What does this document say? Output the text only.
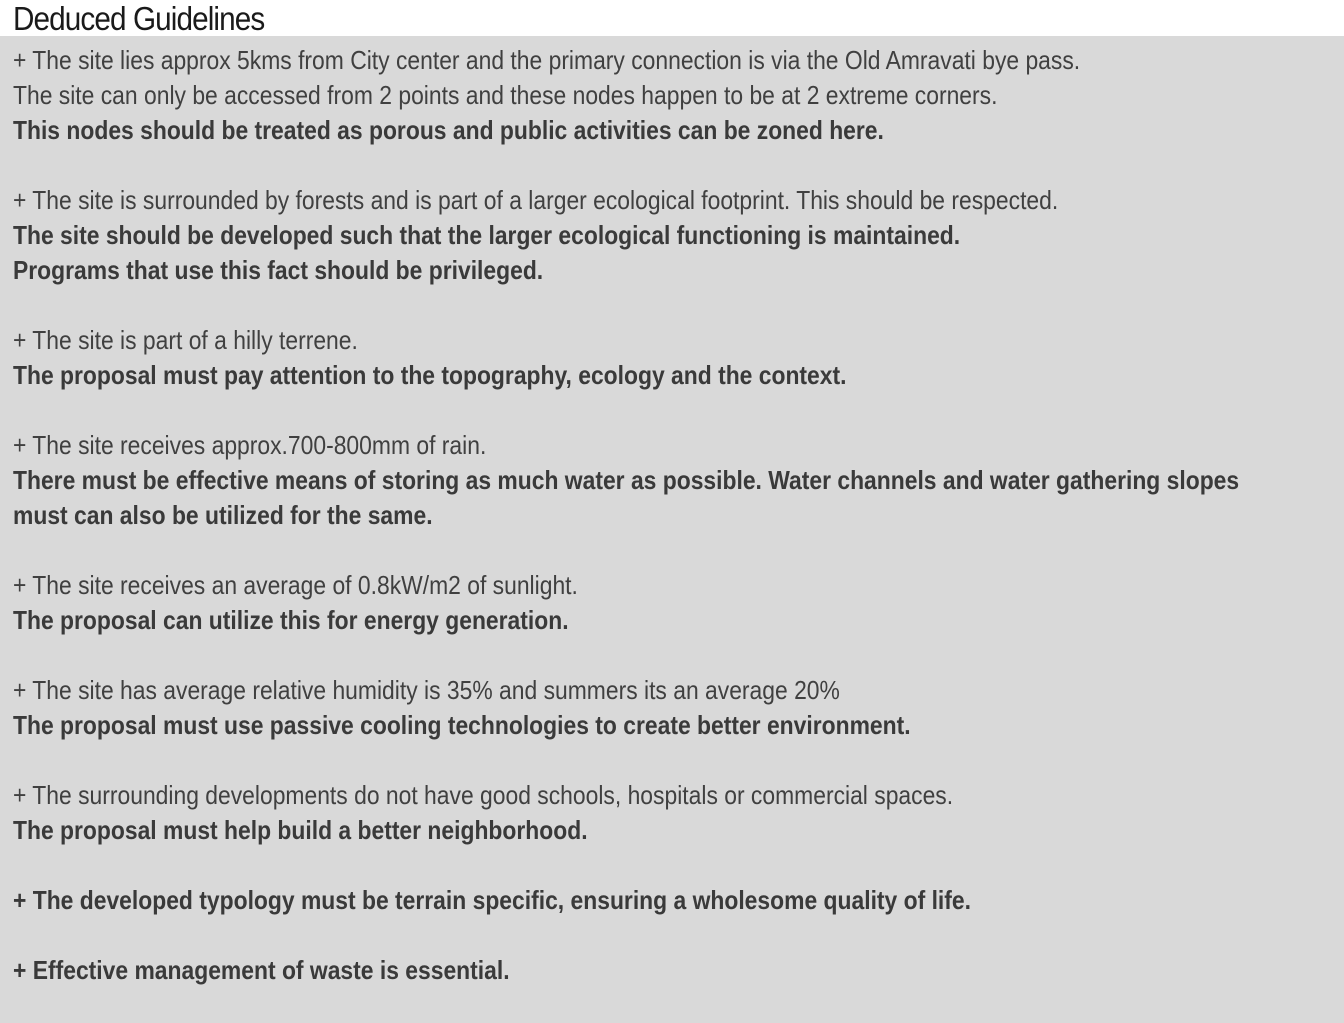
Deduced Guidelines
+ The site lies approx 5kms from City center and the primary connection is via the Old Amravati bye pass.
The site can only be accessed from 2 points and these nodes happen to be at 2 extreme corners.
This nodes should be treated as porous and public activities can be zoned here.
+ The site is surrounded by forests and is part of a larger ecological footprint. This should be respected.
The site should be developed such that the larger ecological functioning is maintained.
Programs that use this fact should be privileged.
+ The site is part of a hilly terrene.
The proposal must pay attention to the topography, ecology and the context.
+ The site receives approx.700-800mm of rain.
There must be effective means of storing as much water as possible. Water channels and water gathering slopes
must can also be utilized for the same.
+ The site receives an average of 0.8kW/m2 of sunlight.
The proposal can utilize this for energy generation.
+ The site has average relative humidity is 35% and summers its an average 20%
The proposal must use passive cooling technologies to create better environment.
+ The surrounding developments do not have good schools, hospitals or commercial spaces.
The proposal must help build a better neighborhood.
+ The developed typology must be terrain specific, ensuring a wholesome quality of life.
+ Effective management of waste is essential.
